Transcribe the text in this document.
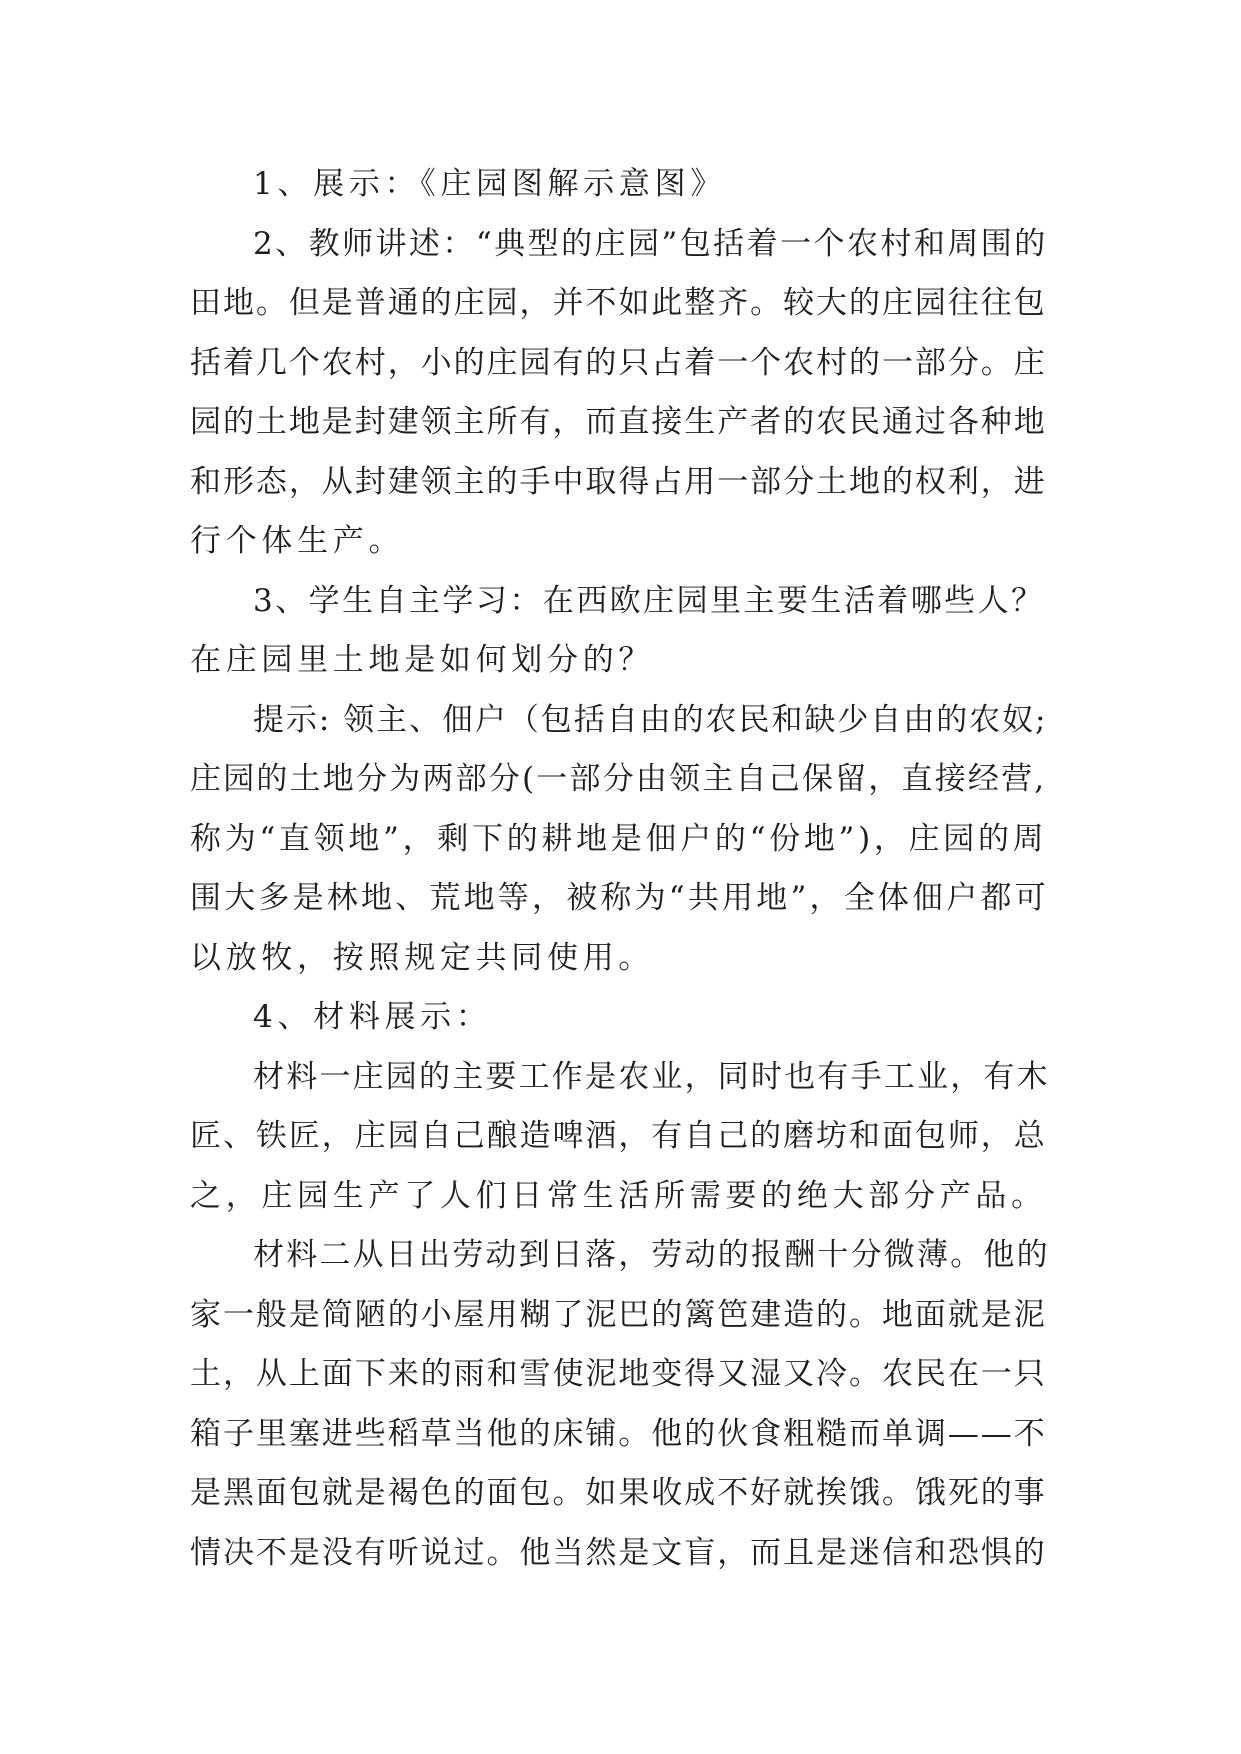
1、展示：《庄园图解示意图》
2、教师讲述：“典型的庄园”包括着一个农村和周围的
田地。但是普通的庄园，并不如此整齐。较大的庄园往往包
括着几个农村，小的庄园有的只占着一个农村的一部分。庄
园的土地是封建领主所有，而直接生产者的农民通过各种地
和形态，从封建领主的手中取得占用一部分土地的权利，进
行个体生产。
3、学生自主学习：在西欧庄园里主要生活着哪些人？
在庄园里土地是如何划分的？
提示: 领主、佃户（包括自由的农民和缺少自由的农奴;
庄园的土地分为两部分(一部分由领主自己保留，直接经营,
称为“直领地”，剩下的耕地是佃户的“份地”)，庄园的周
围大多是林地、荒地等，被称为“共用地”，全体佃户都可
以放牧，按照规定共同使用。
4、材料展示：
材料一庄园的主要工作是农业，同时也有手工业，有木
匠、铁匠，庄园自己酿造啤酒，有自己的磨坊和面包师，总
之，庄园生产了人们日常生活所需要的绝大部分产品。
材料二从日出劳动到日落，劳动的报酬十分微薄。他的
家一般是简陋的小屋用糊了泥巴的篱笆建造的。地面就是泥
土，从上面下来的雨和雪使泥地变得又湿又冷。农民在一只
箱子里塞进些稻草当他的床铺。他的伙食粗糙而单调——不
是黑面包就是褐色的面包。如果收成不好就挨饿。饿死的事
情决不是没有听说过。他当然是文盲，而且是迷信和恐惧的
